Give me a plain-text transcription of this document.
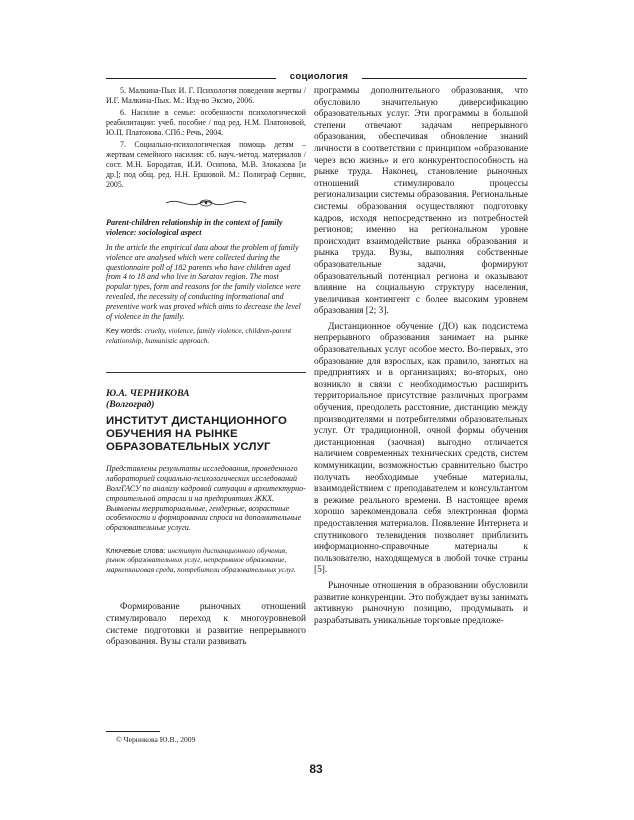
социология

5. Малкина-Пых И. Г. Психология поведения жертвы / И.Г. Малкина-Пых. М.: Изд-во Эксмо, 2006.

6. Насилие в семье: особенности психологической реабилитации: учеб. пособие / под ред. Н.М. Платоновой, Ю.П. Платонова. СПб.: Речь, 2004.

7. Социально-психологическая помощь детям – жертвам семейного насилия: сб. науч.-метод. материалов / сост. М.Н. Бородатая, И.И. Осипова, М.В. Злоказова [и др.]; под общ. ред. Н.Н. Ершовой. М.: Полиграф Сервис, 2005.

Parent-children relationship in the context of family violence: sociological aspect
In the article the empirical data about the problem of family violence are analysed which were collected during the questionnaire poll of 182 parents who have children aged from 4 to 18 and who live in Saratov region. The most popular types, form and reasons for the family violence were revealed, the necessity of conducting informational and preventive work was proved which aims to decrease the level of violence in the family.
Key words: cruelty, violence, family violence, children-parent relationship, humanistic approach.
Ю.А. ЧЕРНИКОВА
(Волгоград)
ИНСТИТУТ ДИСТАНЦИОННОГО ОБУЧЕНИЯ НА РЫНКЕ ОБРАЗОВАТЕЛЬНЫХ УСЛУГ
Представлены результаты исследования, проведенного лабораторией социально-психологических исследований ВолгГАСУ по анализу кадровой ситуации в архитектурно-строительной отрасли и на предприятиях ЖКХ. Выявлены территориальные, гендерные, возрастные особенности и формировании спроса на дополнительные образовательные услуги.
Ключевые слова: институт дистанционного обучения, рынок образовательных услуг, непрерывное образование, маркетинговая среда, потребители образовательных услуг.

Формирование рыночных отношений стимулировало переход к многоуровневой системе подготовки и развитие непрерывного образования. Вузы стали развивать

программы дополнительного образования, что обусловило значительную диверсификацию образовательных услуг. Эти программы в большой степени отвечают задачам непрерывного образования, обеспечивая обновление знаний личности в соответствии с принципом «образование через всю жизнь» и его конкурентоспособность на рынке труда. Наконец, становление рыночных отношений стимулировало процессы регионализации системы образования. Региональные системы образования осуществляют подготовку кадров, исходя непосредственно из потребностей регионов; именно на региональном уровне происходит взаимодействие рынка образования и рынка труда. Вузы, выполняя собственные образовательные задачи, формируют образовательный потенциал региона и оказывают влияние на социальную структуру населения, увеличивая контингент с более высоким уровнем образования [2; 3].

Дистанционное обучение (ДО) как подсистема непрерывного образования занимает на рынке образовательных услуг особое место. Во-первых, это образование для взрослых, как правило, занятых на предприятиях и в организациях; во-вторых, оно возникло в связи с необходимостью расширить территориальное присутствие различных программ обучения, преодолеть расстояние, дистанцию между производителями и потребителями образовательных услуг. От традиционной, очной формы обучения дистанционная (заочная) выгодно отличается наличием современных технических средств, систем коммуникации, возможностью сравнительно быстро получать необходимые учебные материалы, взаимодействием с преподавателем и консультантом в режиме реального времени. В настоящее время хорошо зарекомендовала себя электронная форма предоставления материалов. Появление Интернета и спутникового телевидения позволяет приблизить информационно-справочные материалы к пользователю, находящемуся в любой точке страны [5].

Рыночные отношения в образовании обусловили развитие конкуренции. Это побуждает вузы занимать активную рыночную позицию, продумывать и разрабатывать уникальные торговые предложе-

© Черникова Ю.В., 2009
83
